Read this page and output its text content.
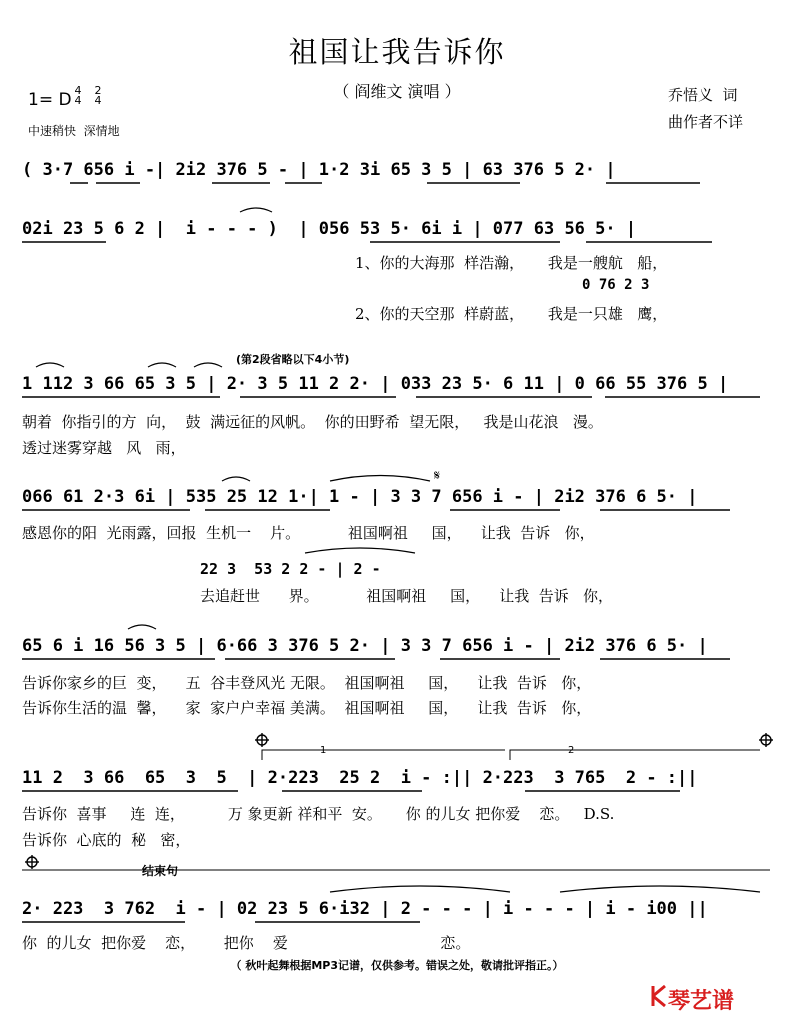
祖国让我告诉你
（ 阎维文 演唱 ）
1= D 4 4
2 4
中速稍快  深情地
乔悟义  词
曲作者不详
( 3·7 656 i -| 2i2 376 5 - | 1·2 3i 65 3 5 | 63 376 5 2· |
02i 23 5 6 2 |  i - - - )  | 056 53 5· 6i i | 077 63 56 5· |
1、你的大海那  样浩瀚，     我是一艘航   船，
0 76 2 3
2、你的天空那  样蔚蓝，     我是一只雄   鹰，
(第2段省略以下4小节)
1 112 3 66 65 3 5 | 2· 3 5 11 2 2· | 033 23 5· 6 11 | 0 66 55 376 5 |
朝着  你指引的方  向，  鼓  满远征的风帆。  你的田野希  望无限，   我是山花浪   漫。
透过迷雾穿越   风   雨，
066 61 2·3 6i | 535 25 12 1·| 1 - | 3 3 7 656 i - | 2i2 376 6 5· |
感恩你的阳  光雨露，回报  生机一    片。          祖国啊祖     国，    让我  告诉   你，
22 3  53 2 2 - | 2 -
去追赶世      界。          祖国啊祖     国，    让我  告诉   你，
65 6 i 16 56 3 5 | 6·66 3 376 5 2· | 3 3 7 656 i - | 2i2 376 6 5· |
告诉你家乡的巨  变，    五  谷丰登风光 无限。  祖国啊祖     国，    让我  告诉   你，
告诉你生活的温  馨，    家  家户户幸福 美满。  祖国啊祖     国，    让我  告诉   你，
1	2
11 2  3 66  65  3  5  | 2·223  25 2  i - :|| 2·223  3 765  2 - :||
告诉你  喜事     连  连，         万 象更新 祥和平  安。     你 的儿女 把你爱    恋。   D.S.
告诉你  心底的  秘   密，
结束句
2· 223  3 762  i - | 02 23 5 6·i32 | 2 - - - | i - - - | i - i00 ||
你  的儿女  把你爱    恋，      把你    爱                                恋。
（ 秋叶起舞根据MP3记谱，仅供参考。错误之处，敬请批评指正。）
𝄋
琴艺谱
